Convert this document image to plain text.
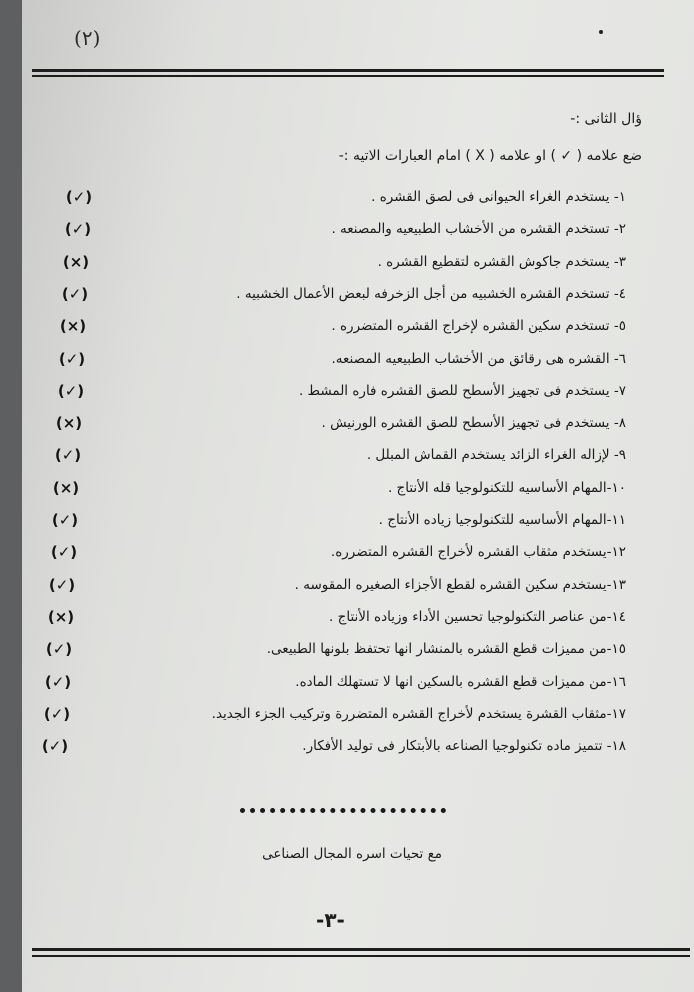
(٢)
ؤال الثانى :-
ضع علامه ( ✓ ) او علامه ( X ) امام العبارات الاتيه :-
مع تحيات اسره المجال الصناعى
-٣-
١- يستخدم الغراء الحيوانى فى لصق القشره .
(✓)
٢- تستخدم القشره من الأخشاب الطبيعيه والمصنعه .
(✓)
٣- يستخدم جاكوش القشره لتقطيع القشره .
(×)
٤- تستخدم القشره الخشبيه من أجل الزخرفه لبعض الأعمال الخشبيه .
(✓)
٥- تستخدم سكين القشره لإخراج القشره المتضرره .
(×)
٦- القشره هى رقائق من الأخشاب الطبيعيه المصنعه.
(✓)
٧- يستخدم فى تجهيز الأسطح للصق القشره فاره المشط .
(✓)
٨- يستخدم فى تجهيز الأسطح للصق القشره الورنيش .
(×)
٩- لإزاله الغراء الزائد يستخدم القماش المبلل .
(✓)
١٠-المهام الأساسيه للتكنولوجيا قله الأنتاج .
(×)
١١-المهام الأساسيه للتكنولوجيا زياده الأنتاج .
(✓)
١٢-يستخدم مثقاب القشره لأخراج القشره المتضرره.
(✓)
١٣-يستخدم سكين القشره لقطع الأجزاء الصغيره المقوسه .
(✓)
١٤-من عناصر التكنولوجيا تحسين الأداء وزياده الأنتاج .
(×)
١٥-من مميزات قطع القشره بالمنشار انها تحتفظ بلونها الطبيعى.
(✓)
١٦-من مميزات قطع القشره بالسكين انها لا تستهلك الماده.
(✓)
١٧-مثقاب القشرة يستخدم لأخراج القشره المتضررة وتركيب الجزء الجديد.
(✓)
١٨- تتميز ماده تكنولوجيا الصناعه بالأبتكار فى توليد الأفكار.
(✓)
